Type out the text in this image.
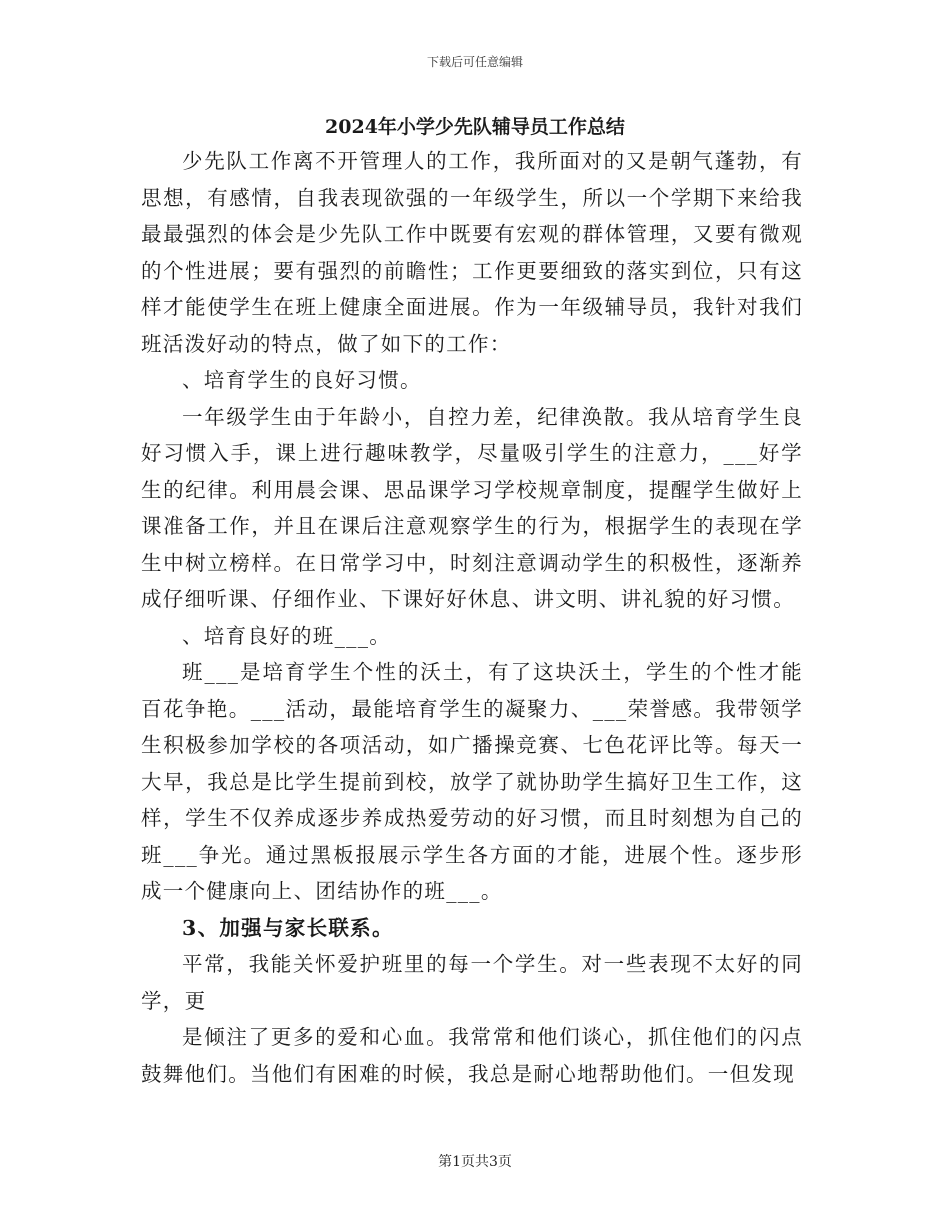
下载后可任意编辑
2024年小学少先队辅导员工作总结

少先队工作离不开管理人的工作，我所面对的又是朝气蓬勃，有思想，有感情，自我表现欲强的一年级学生，所以一个学期下来给我最最强烈的体会是少先队工作中既要有宏观的群体管理，又要有微观的个性进展；要有强烈的前瞻性；工作更要细致的落实到位，只有这样才能使学生在班上健康全面进展。作为一年级辅导员，我针对我们班活泼好动的特点，做了如下的工作：

、培育学生的良好习惯。

一年级学生由于年龄小，自控力差，纪律涣散。我从培育学生良好习惯入手，课上进行趣味教学，尽量吸引学生的注意力，___好学生的纪律。利用晨会课、思品课学习学校规章制度，提醒学生做好上课准备工作，并且在课后注意观察学生的行为，根据学生的表现在学生中树立榜样。在日常学习中，时刻注意调动学生的积极性，逐渐养成仔细听课、仔细作业、下课好好休息、讲文明、讲礼貌的好习惯。

、培育良好的班___。

班___是培育学生个性的沃土，有了这块沃土，学生的个性才能百花争艳。___活动，最能培育学生的凝聚力、___荣誉感。我带领学生积极参加学校的各项活动，如广播操竞赛、七色花评比等。每天一大早，我总是比学生提前到校，放学了就协助学生搞好卫生工作，这样，学生不仅养成逐步养成热爱劳动的好习惯，而且时刻想为自己的班___争光。通过黑板报展示学生各方面的才能，进展个性。逐步形成一个健康向上、团结协作的班___。

3、加强与家长联系。

平常，我能关怀爱护班里的每一个学生。对一些表现不太好的同学，更

是倾注了更多的爱和心血。我常常和他们谈心，抓住他们的闪点鼓舞他们。当他们有困难的时候，我总是耐心地帮助他们。一但发现

第1页共3页
